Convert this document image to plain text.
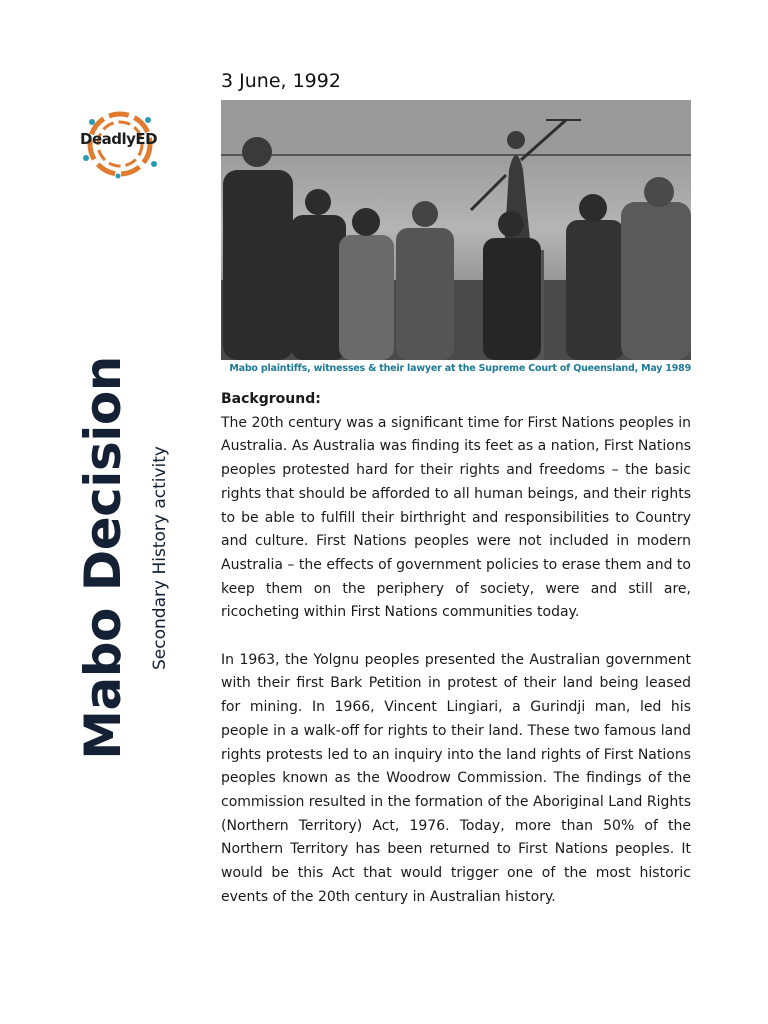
DeadlyED
Mabo Decision Secondary History activity
3 June, 1992
Mabo plaintiffs, witnesses & their lawyer at the Supreme Court of Queensland, May 1989
Background:

The 20th century was a significant time for First Nations peoples in Australia. As Australia was finding its feet as a nation, First Nations peoples protested hard for their rights and freedoms – the basic rights that should be afforded to all human beings, and their rights to be able to fulfill their birthright and responsibilities to Country and culture. First Nations peoples were not included in modern Australia – the effects of government policies to erase them and to keep them on the periphery of society, were and still are, ricocheting within First Nations communities today.

In 1963, the Yolgnu peoples presented the Australian government with their first Bark Petition in protest of their land being leased for mining. In 1966, Vincent Lingiari, a Gurindji man, led his people in a walk-off for rights to their land. These two famous land rights protests led to an inquiry into the land rights of First Nations peoples known as the Woodrow Commission. The findings of the commission resulted in the formation of the Aboriginal Land Rights (Northern Territory) Act, 1976. Today, more than 50% of the Northern Territory has been returned to First Nations peoples. It would be this Act that would trigger one of the most historic events of the 20th century in Australian history.
